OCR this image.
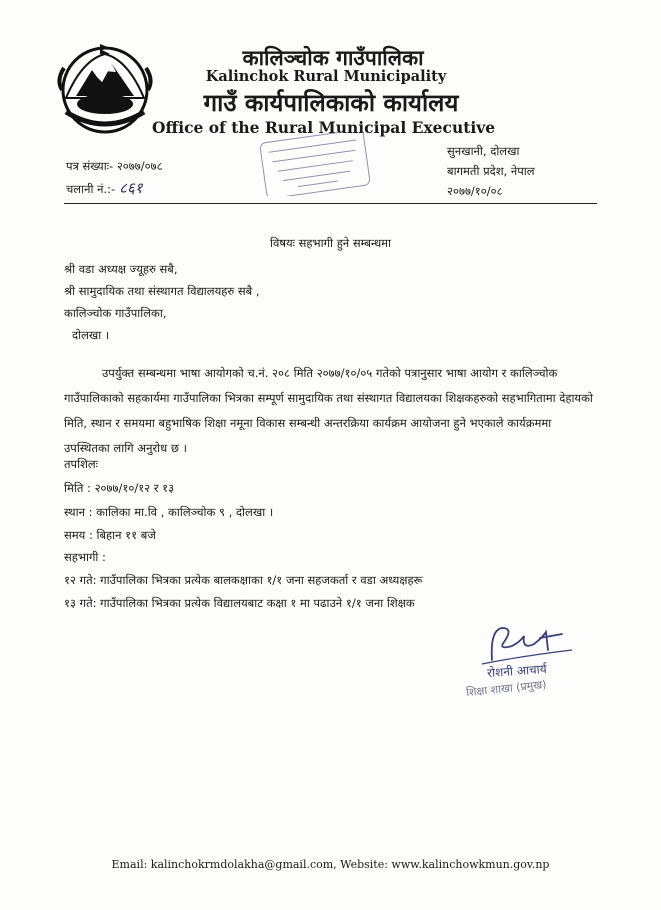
कालिञ्चोक गाउँपालिका
Kalinchok Rural Municipality
गाउँ कार्यपालिकाको कार्यालय
Office of the Rural Municipal Executive
सुनखानी, दोलखा
बागमती प्रदेश, नेपाल
२०७७/१०/०८
पत्र संख्याः- २०७७/०७८
चलानी नं.:- ८६१
विषयः सहभागी हुने सम्बन्धमा
श्री वडा अध्यक्ष ज्यूहरु सबै,
श्री सामुदायिक तथा संस्थागत विद्यालयहरु सबै ,
कालिञ्चोक गाउँपालिका,
दोलखा ।
उपर्युक्त सम्बन्धमा भाषा आयोगको च.नं. २०८ मिति २०७७/१०/०५ गतेको पत्रानुसार भाषा आयोग र कालिञ्चोक गाउँपालिकाको सहकार्यमा गाउँपालिका भित्रका सम्पूर्ण सामुदायिक तथा संस्थागत विद्यालयका शिक्षकहरुको सहभागितामा देहायको मिति, स्थान र समयमा बहुभाषिक शिक्षा नमूना विकास सम्बन्धी अन्तरक्रिया कार्यक्रम आयोजना हुने भएकाले कार्यक्रममा उपस्थितका लागि अनुरोध छ ।
तपशिलः
मिति : २०७७/१०/१२ र १३
स्थान : कालिका मा.वि , कालिञ्चोक ९ , दोलखा ।
समय : बिहान ११ बजे
सहभागी :
१२ गते: गाउँपालिका भित्रका प्रत्येक बालकक्षाका १/१ जना सहजकर्ता र वडा अध्यक्षहरू
१३ गते: गाउँपालिका भित्रका प्रत्येक विद्यालयबाट कक्षा १ मा पढाउने १/१ जना शिक्षक
रोशनी आचार्य
शिक्षा शाखा (प्रमुख)
Email: kalinchokrmdolakha@gmail.com, Website: www.kalinchowkmun.gov.np
